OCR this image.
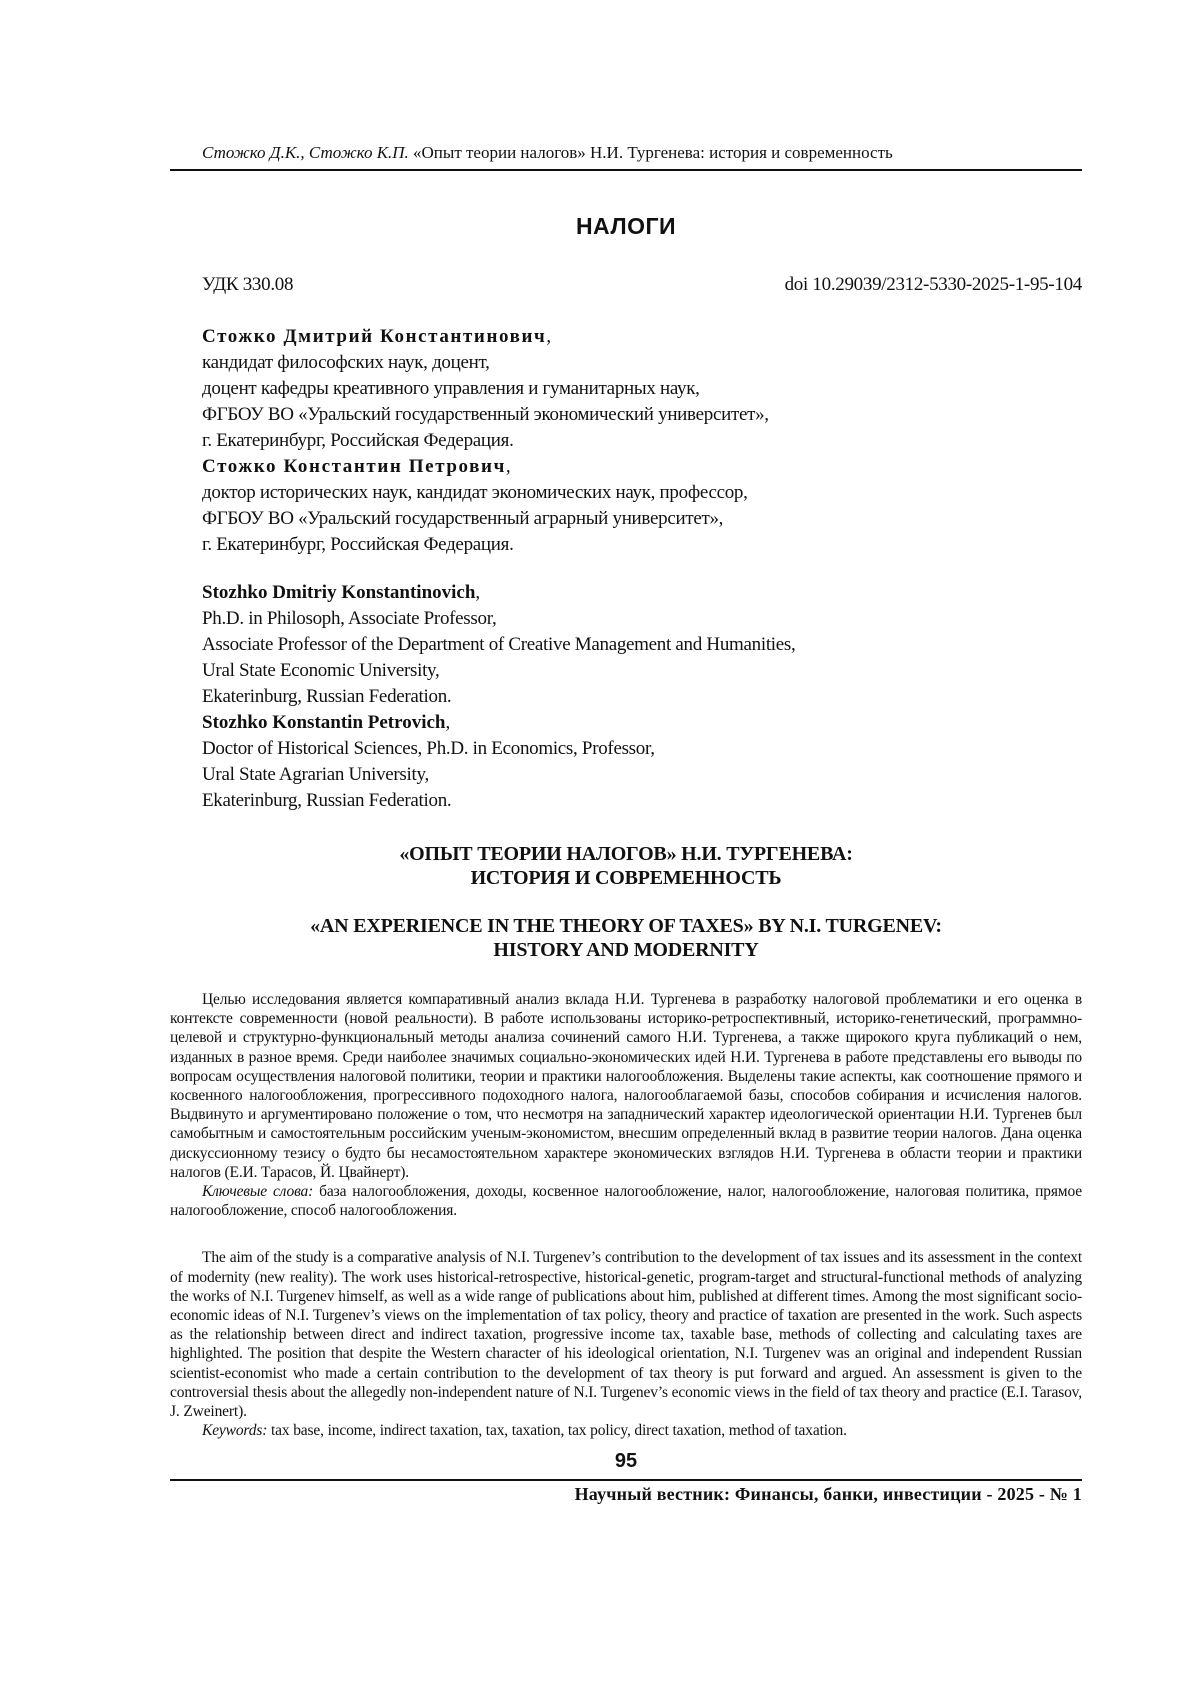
Стожко Д.К., Стожко К.П. «Опыт теории налогов» Н.И. Тургенева: история и современность
НАЛОГИ
УДК 330.08	doi 10.29039/2312-5330-2025-1-95-104
Стожко Дмитрий Константинович,
кандидат философских наук, доцент,
доцент кафедры креативного управления и гуманитарных наук,
ФГБОУ ВО «Уральский государственный экономический университет»,
г. Екатеринбург, Российская Федерация.
Стожко Константин Петрович,
доктор исторических наук, кандидат экономических наук, профессор,
ФГБОУ ВО «Уральский государственный аграрный университет»,
г. Екатеринбург, Российская Федерация.
Stozhko Dmitriy Konstantinovich,
Ph.D. in Philosoph, Associate Professor,
Associate Professor of the Department of Creative Management and Humanities,
Ural State Economic University,
Ekaterinburg, Russian Federation.
Stozhko Konstantin Petrovich,
Doctor of Historical Sciences, Ph.D. in Economics, Professor,
Ural State Agrarian University,
Ekaterinburg, Russian Federation.
«ОПЫТ ТЕОРИИ НАЛОГОВ» Н.И. ТУРГЕНЕВА:
ИСТОРИЯ И СОВРЕМЕННОСТЬ
«AN EXPERIENCE IN THE THEORY OF TAXES» BY N.I. TURGENEV:
HISTORY AND MODERNITY

Целью исследования является компаративный анализ вклада Н.И. Тургенева в разработку налоговой проблематики и его оценка в контексте современности (новой реальности). В работе использованы историко-ретроспективный, историко-генетический, программно-целевой и структурно-функциональный методы анализа сочинений самого Н.И. Тургенева, а также щирокого круга публикаций о нем, изданных в разное время. Среди наиболее значимых социально-экономических идей Н.И. Тургенева в работе представлены его выводы по вопросам осуществления налоговой политики, теории и практики налогообложения. Выделены такие аспекты, как соотношение прямого и косвенного налогообложения, прогрессивного подоходного налога, налогооблагаемой базы, способов собирания и исчисления налогов. Выдвинуто и аргументировано положение о том, что несмотря на западнический характер идеологической ориентации Н.И. Тургенев был самобытным и самостоятельным российским ученым-экономистом, внесшим определенный вклад в развитие теории налогов. Дана оценка дискуссионному тезису о будто бы несамостоятельном характере экономических взглядов Н.И. Тургенева в области теории и практики налогов (Е.И. Тарасов, Й. Цвайнерт).

Ключевые слова: база налогообложения, доходы, косвенное налогообложение, налог, налогообложение, налоговая политика, прямое налогообложение, способ налогообложения.

The aim of the study is a comparative analysis of N.I. Turgenev’s contribution to the development of tax issues and its assessment in the context of modernity (new reality). The work uses historical-retrospective, historical-genetic, program-target and structural-functional methods of analyzing the works of N.I. Turgenev himself, as well as a wide range of publications about him, published at different times. Among the most significant socio-economic ideas of N.I. Turgenev’s views on the implementation of tax policy, theory and practice of taxation are presented in the work. Such aspects as the relationship between direct and indirect taxation, progressive income tax, taxable base, methods of collecting and calculating taxes are highlighted. The position that despite the Western character of his ideological orientation, N.I. Turgenev was an original and independent Russian scientist-economist who made a certain contribution to the development of tax theory is put forward and argued. An assessment is given to the controversial thesis about the allegedly non-independent nature of N.I. Turgenev’s economic views in the field of tax theory and practice (E.I. Tarasov, J. Zweinert).

Keywords: tax base, income, indirect taxation, tax, taxation, tax policy, direct taxation, method of taxation.

95
Научный вестник: Финансы, банки, инвестиции - 2025 - № 1
